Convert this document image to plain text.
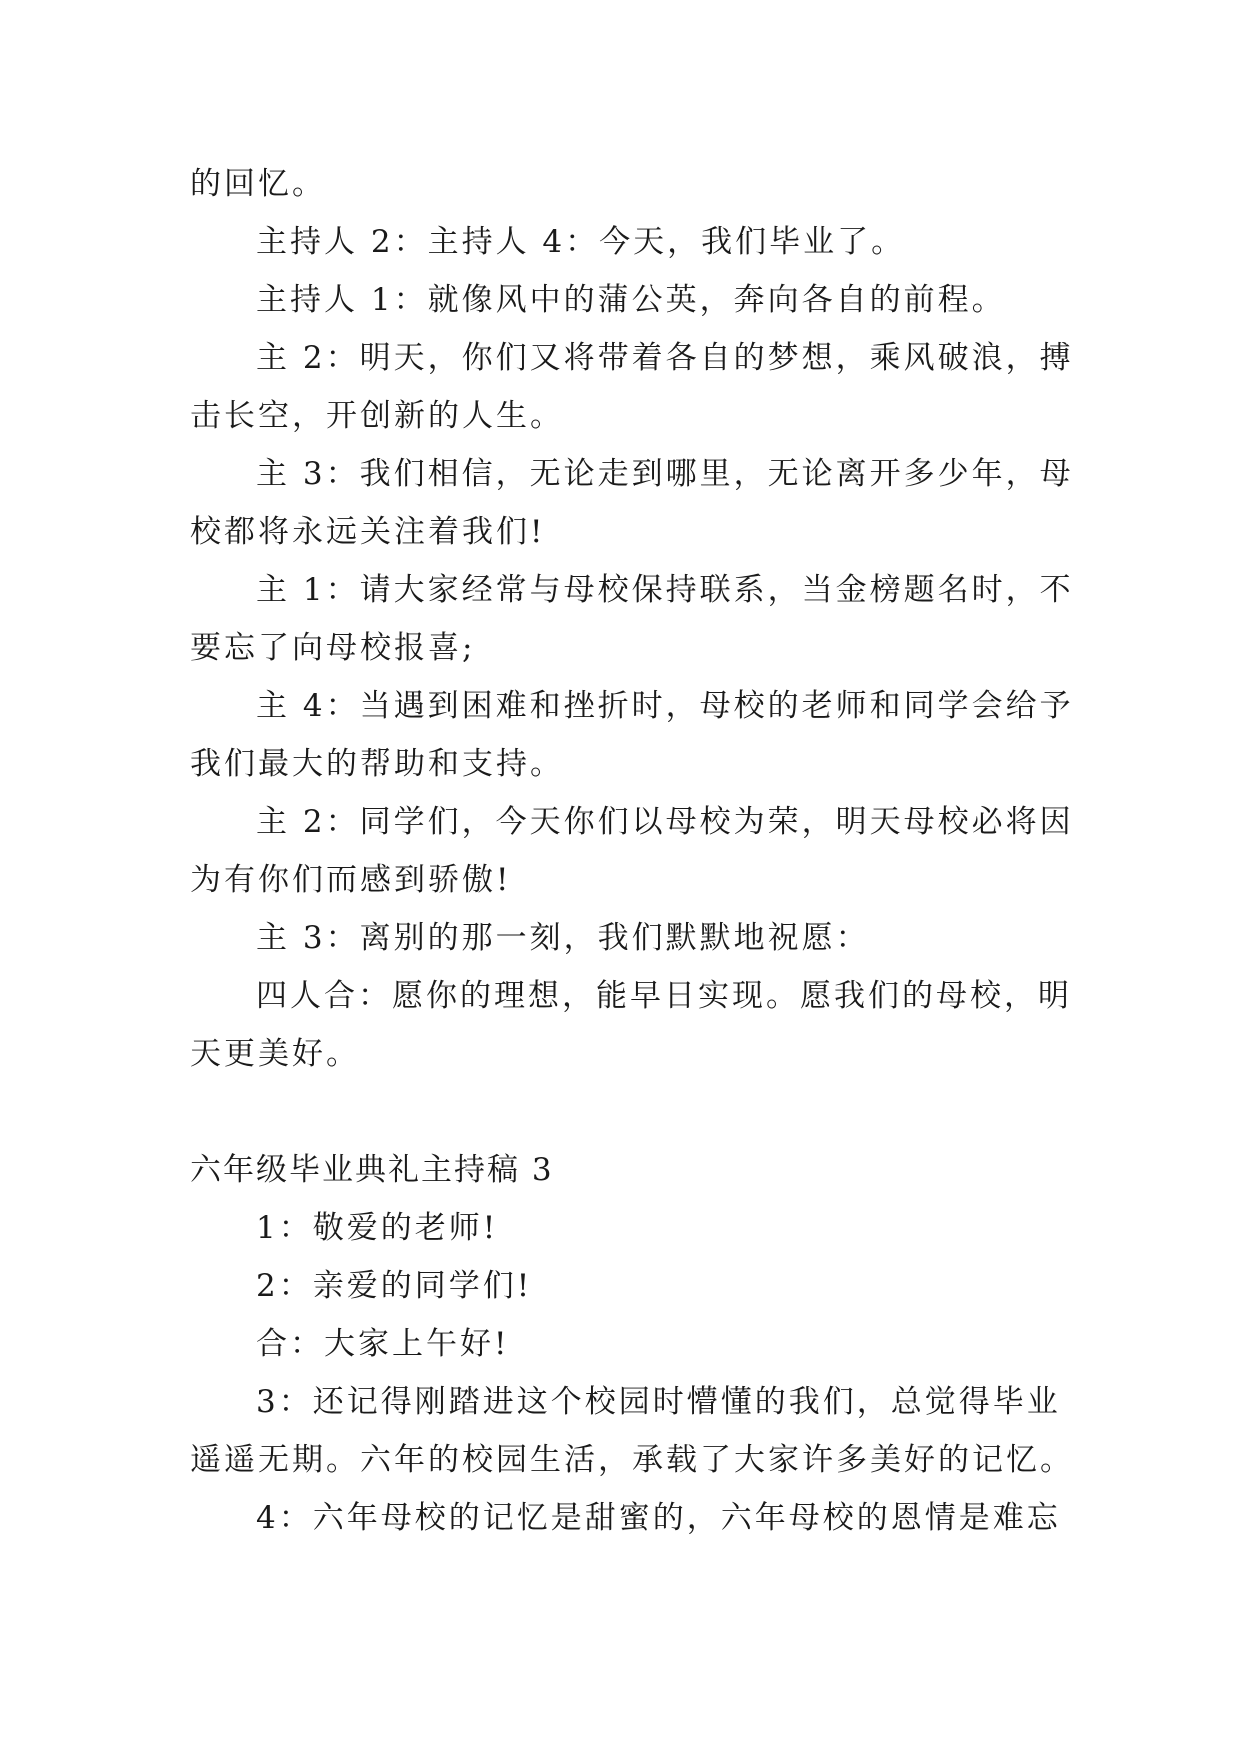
的回忆。
主持人 2：主持人 4：今天，我们毕业了。
主持人 1：就像风中的蒲公英，奔向各自的前程。
主 2：明天，你们又将带着各自的梦想，乘风破浪，搏
击长空，开创新的人生。
主 3：我们相信，无论走到哪里，无论离开多少年，母
校都将永远关注着我们!
主 1：请大家经常与母校保持联系，当金榜题名时，不
要忘了向母校报喜;
主 4：当遇到困难和挫折时，母校的老师和同学会给予
我们最大的帮助和支持。
主 2：同学们，今天你们以母校为荣，明天母校必将因
为有你们而感到骄傲!
主 3：离别的那一刻，我们默默地祝愿：
四人合：愿你的理想，能早日实现。愿我们的母校，明
天更美好。
六年级毕业典礼主持稿 3
1：敬爱的老师!
2：亲爱的同学们!
合：大家上午好!
3：还记得刚踏进这个校园时懵懂的我们，总觉得毕业
遥遥无期。六年的校园生活，承载了大家许多美好的记忆。
4：六年母校的记忆是甜蜜的，六年母校的恩情是难忘
